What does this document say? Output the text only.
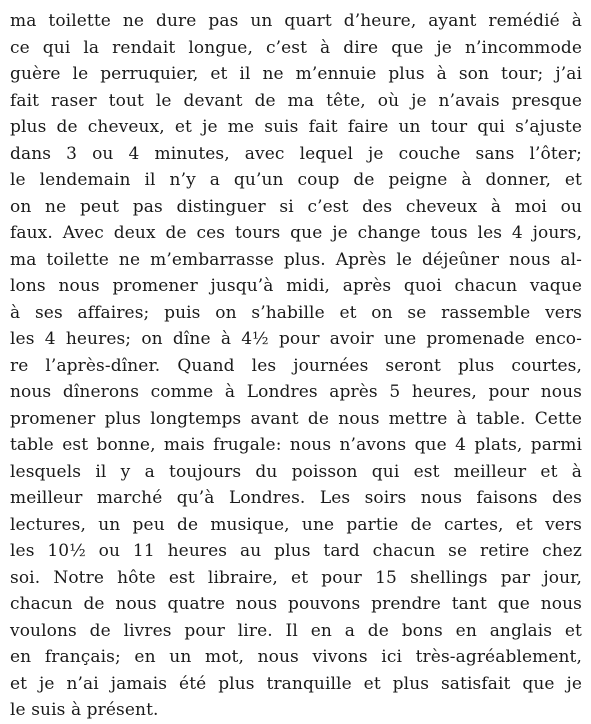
ma toilette ne dure pas un quart d’heure, ayant remédié à
ce qui la rendait longue, c’est à dire que je n’incommode
guère le perruquier, et il ne m’ennuie plus à son tour; j’ai
fait raser tout le devant de ma tête, où je n’avais presque
plus de cheveux, et je me suis fait faire un tour qui s’ajuste
dans 3 ou 4 minutes, avec lequel je couche sans l’ôter;
le lendemain il n’y a qu’un coup de peigne à donner, et
on ne peut pas distinguer si c’est des cheveux à moi ou
faux. Avec deux de ces tours que je change tous les 4 jours,
ma toilette ne m’embarrasse plus. Après le déjeûner nous al-
lons nous promener jusqu’à midi, après quoi chacun vaque
à ses affaires; puis on s’habille et on se rassemble vers
les 4 heures; on dîne à 4½ pour avoir une promenade enco-
re l’après-dîner. Quand les journées seront plus courtes,
nous dînerons comme à Londres après 5 heures, pour nous
promener plus longtemps avant de nous mettre à table. Cette
table est bonne, mais frugale: nous n’avons que 4 plats, parmi
lesquels il y a toujours du poisson qui est meilleur et à
meilleur marché qu’à Londres. Les soirs nous faisons des
lectures, un peu de musique, une partie de cartes, et vers
les 10½ ou 11 heures au plus tard chacun se retire chez
soi. Notre hôte est libraire, et pour 15 shellings par jour,
chacun de nous quatre nous pouvons prendre tant que nous
voulons de livres pour lire. Il en a de bons en anglais et
en français; en un mot, nous vivons ici très-agréablement,
et je n’ai jamais été plus tranquille et plus satisfait que je
le suis à présent.
